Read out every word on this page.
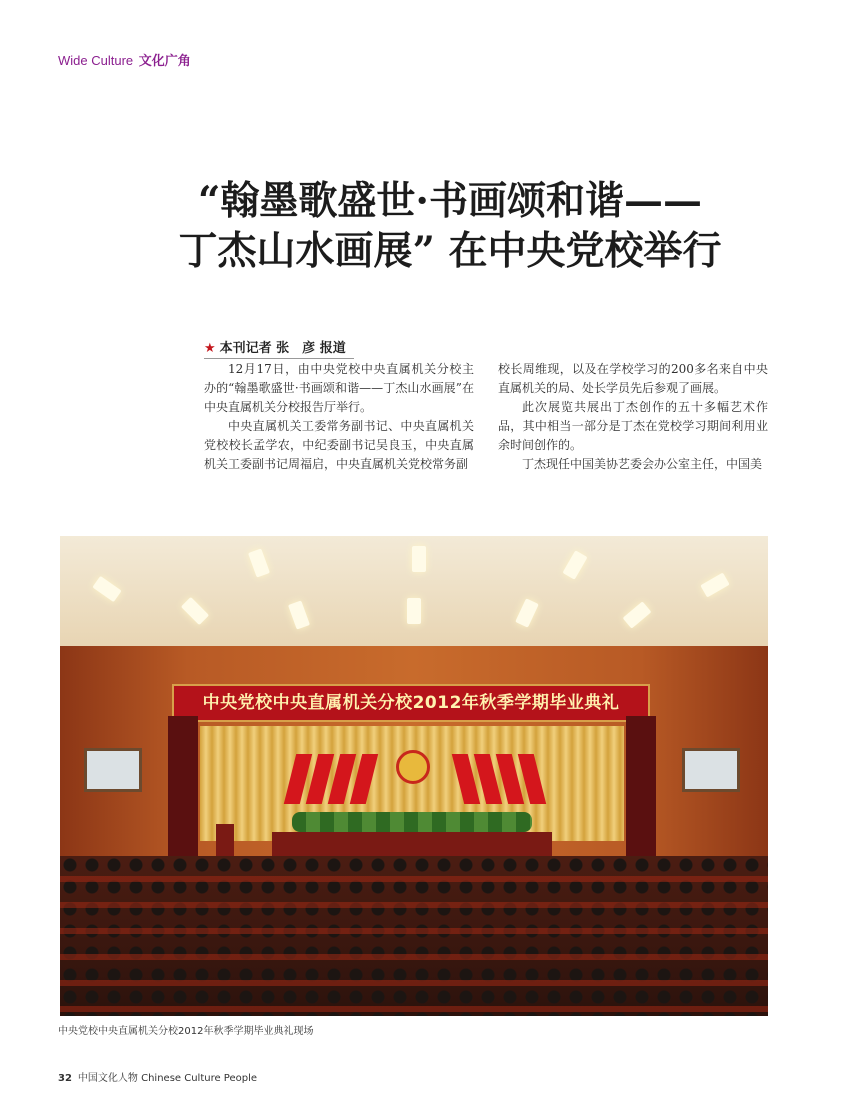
Wide Culture 文化广角
“翰墨歌盛世·书画颂和谐——
丁杰山水画展” 在中央党校举行
★ 本刊记者 张　彦 报道

12月17日，由中央党校中央直属机关分校主办的“翰墨歌盛世·书画颂和谐——丁杰山水画展”在中央直属机关分校报告厅举行。

中央直属机关工委常务副书记、中央直属机关党校校长孟学农，中纪委副书记吴良玉，中央直属机关工委副书记周福启，中央直属机关党校常务副

校长周维现，以及在学校学习的200多名来自中央直属机关的局、处长学员先后参观了画展。

此次展览共展出丁杰创作的五十多幅艺术作品，其中相当一部分是丁杰在党校学习期间利用业余时间创作的。

丁杰现任中国美协艺委会办公室主任，中国美

中央党校中央直属机关分校2012年秋季学期毕业典礼
中央党校中央直属机关分校2012年秋季学期毕业典礼现场
32 中国文化人物 Chinese Culture People
